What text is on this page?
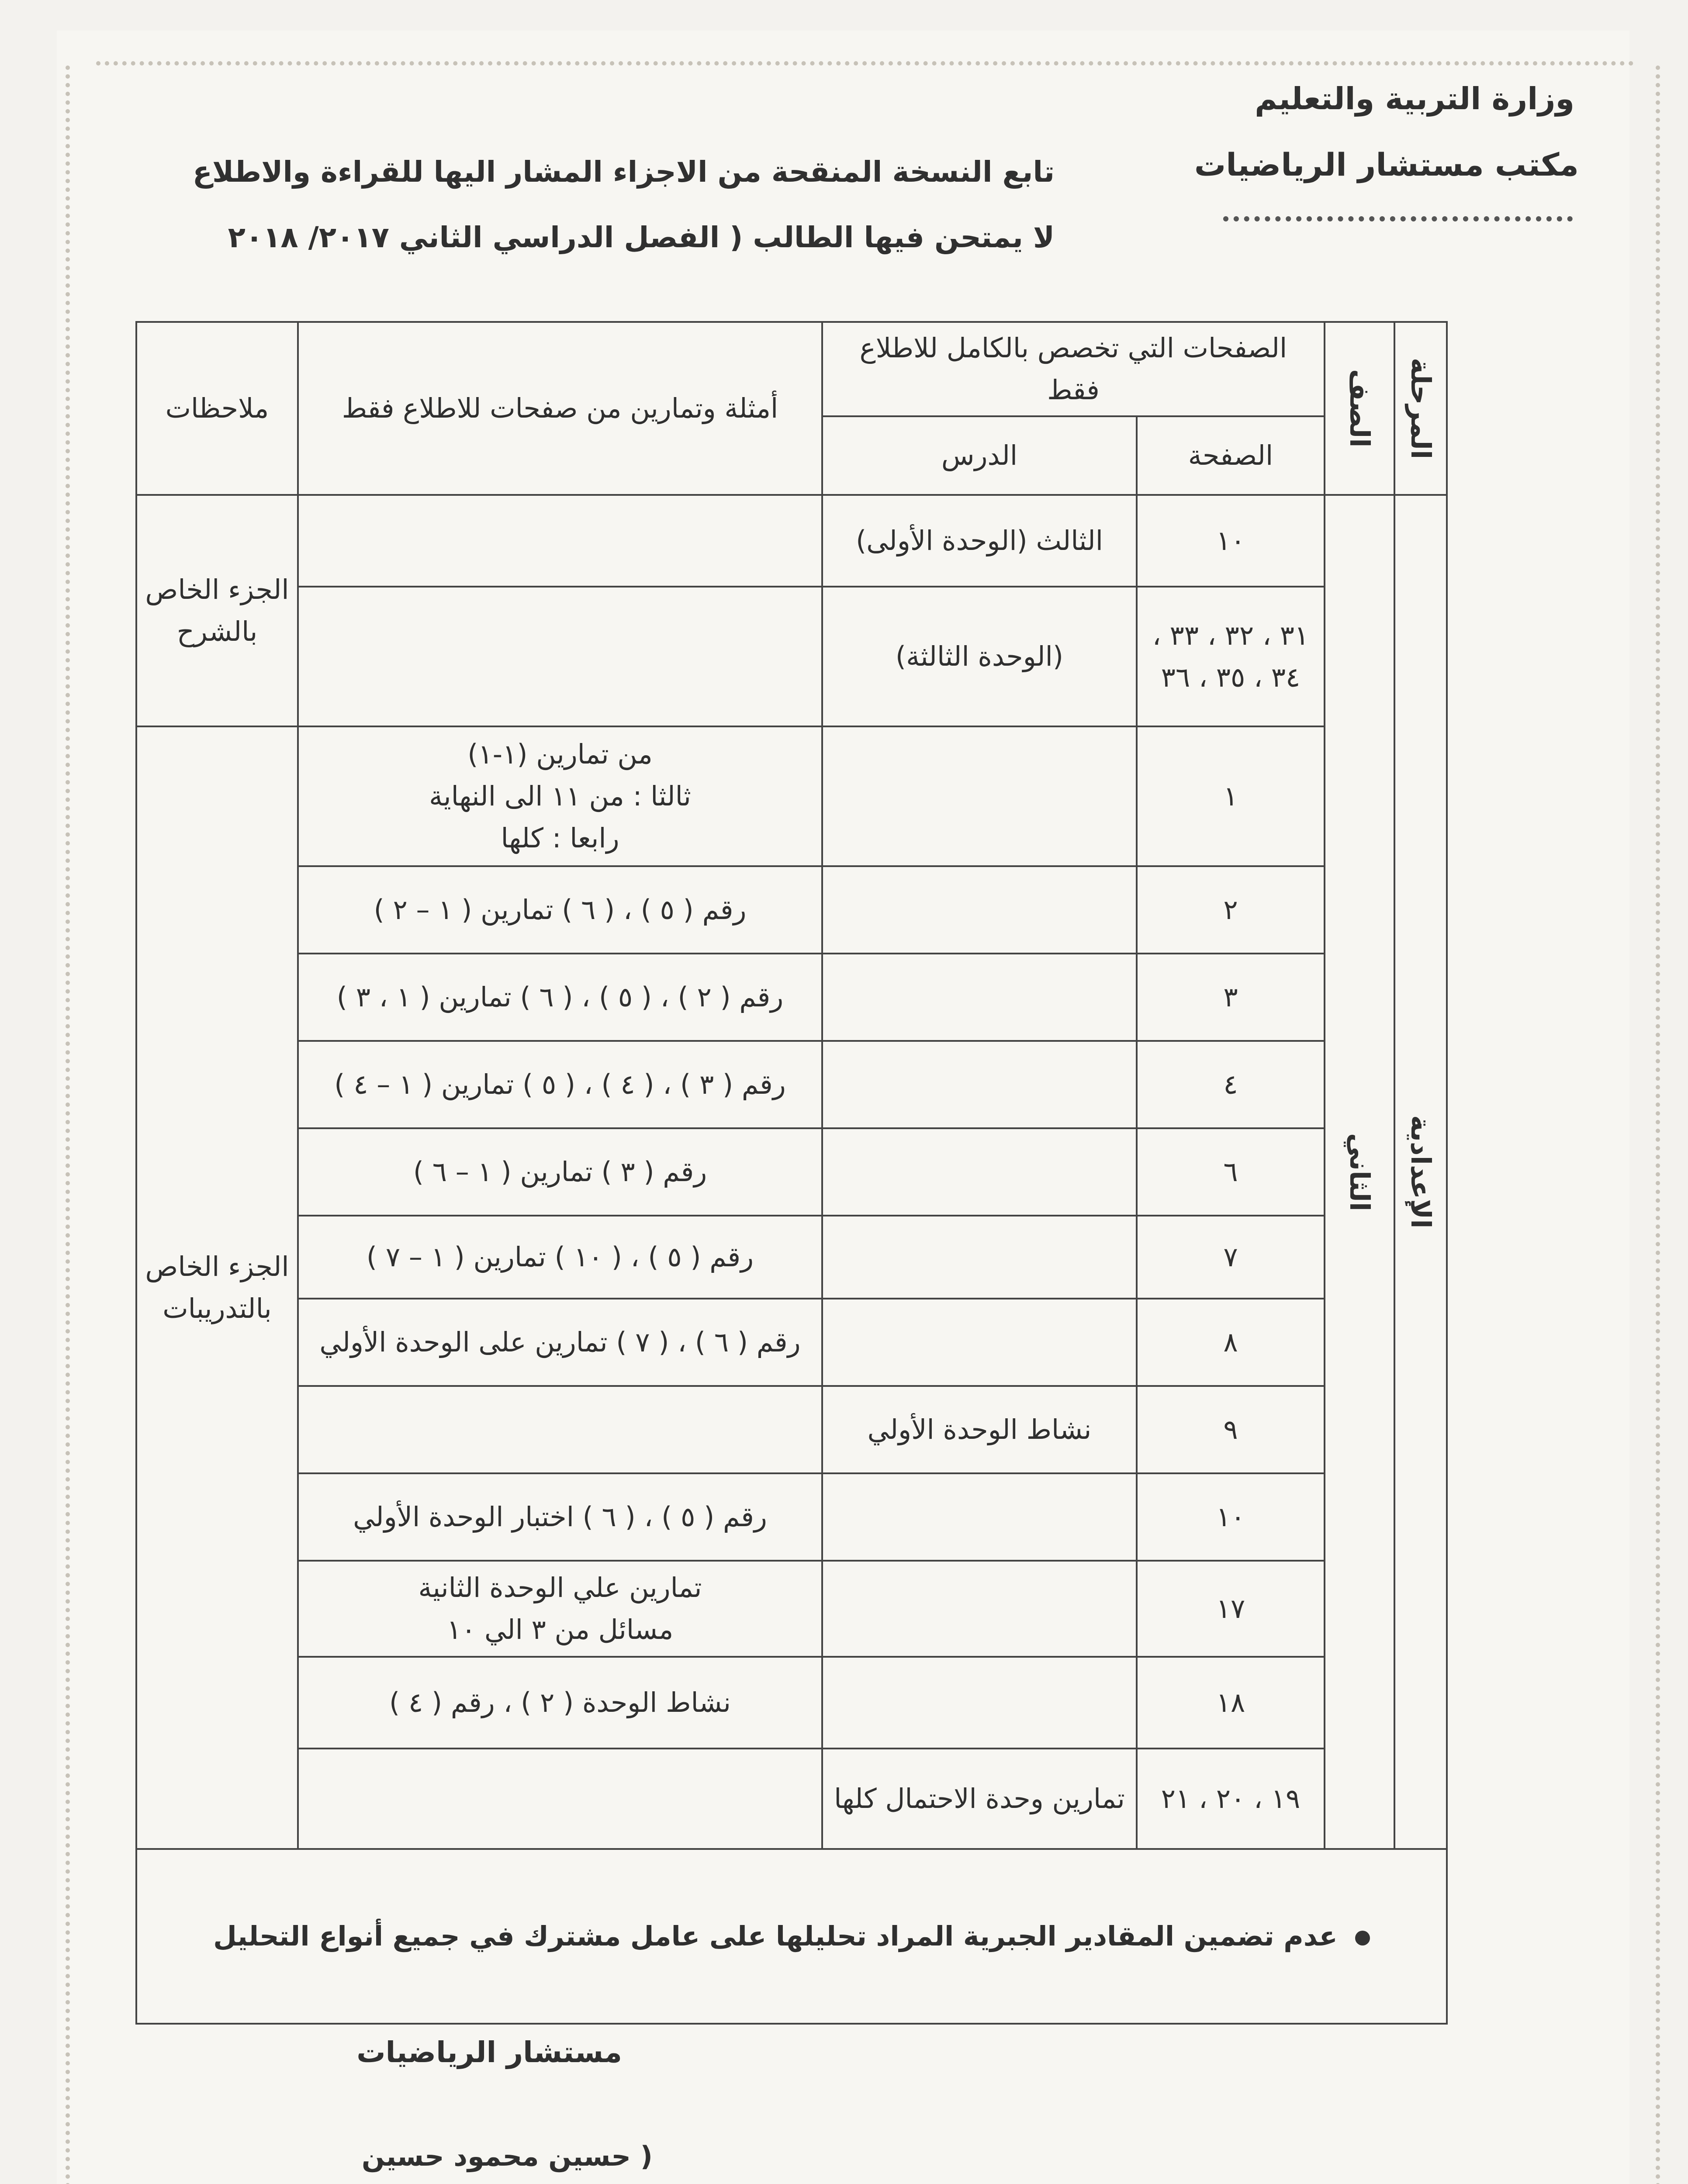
وزارة التربية والتعليم
مكتب مستشار الرياضيات
تابع النسخة المنقحة من الاجزاء المشار اليها للقراءة والاطلاع
لا يمتحن فيها الطالب ( الفصل الدراسي الثاني ٢٠١٧/ ٢٠١٨
المرحلة	الصف	الصفحات التي تخصص بالكامل للاطلاع فقط		أمثلة وتمارين من صفحات للاطلاع فقط	ملاحظات
		الصفحة	الدرس		
الإعدادية	الثاني	١٠	الثالث (الوحدة الأولى)		الجزء الخاص بالشرح
		٣١ ، ٣٢ ، ٣٣ ، ٣٤ ، ٣٥ ، ٣٦	(الوحدة الثالثة)		
		١		من تمارين (١-١)
ثالثا : من ١١ الى النهاية
رابعا : كلها	الجزء الخاص بالتدريبات
		٢		رقم ( ٥ ) ، ( ٦ ) تمارين ( ١ – ٢ )	
		٣		رقم ( ٢ ) ، ( ٥ ) ، ( ٦ ) تمارين ( ١ ، ٣ )	
		٤		رقم ( ٣ ) ، ( ٤ ) ، ( ٥ ) تمارين ( ١ – ٤ )	
		٦		رقم ( ٣ ) تمارين ( ١ – ٦ )	
		٧		رقم ( ٥ ) ، ( ١٠ ) تمارين ( ١ – ٧ )	
		٨		رقم ( ٦ ) ، ( ٧ ) تمارين على الوحدة الأولي	
		٩	نشاط الوحدة الأولي		
		١٠		رقم ( ٥ ) ، ( ٦ ) اختبار الوحدة الأولي	
		١٧		تمارين علي الوحدة الثانية
مسائل من ٣ الي ١٠	
		١٨		نشاط الوحدة ( ٢ ) ، رقم ( ٤ )	
		١٩ ، ٢٠ ، ٢١	تمارين وحدة الاحتمال كلها		
عدم تضمين المقادير الجبرية المراد تحليلها على عامل مشترك في جميع أنواع التحليل					
مستشار الرياضيات
( حسين محمود حسين
